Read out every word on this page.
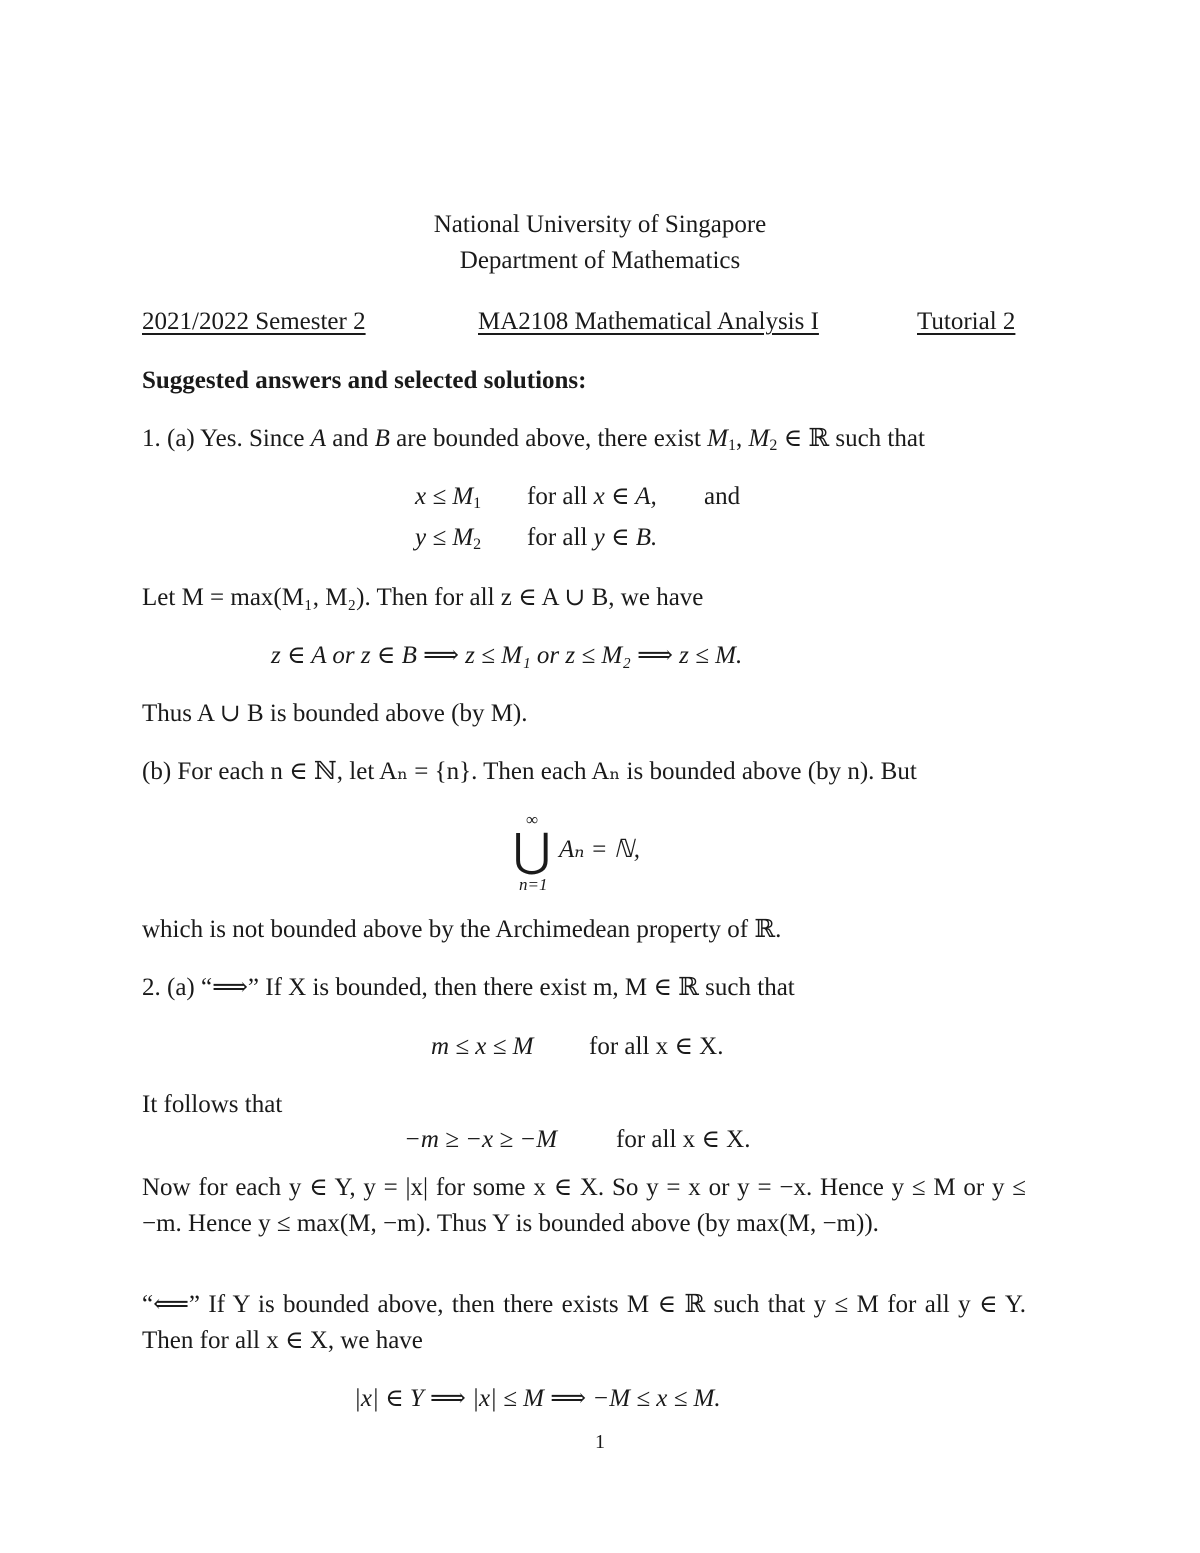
National University of Singapore
Department of Mathematics
2021/2022 Semester 2	MA2108 Mathematical Analysis I	Tutorial 2
Suggested answers and selected solutions:
1. (a) Yes. Since A and B are bounded above, there exist $M_1$, $M_2$ ∈ ℝ such that
$x \le M_1$ for all x ∈ A, and
$y \le M_2$ for all y ∈ B.
Let M = max(M₁, M₂). Then for all z ∈ A ∪ B, we have
z ∈ A or z ∈ B ⟹ z ≤ M₁ or z ≤ M₂ ⟹ z ≤ M.
Thus A ∪ B is bounded above (by M).
(b) For each n ∈ ℕ, let Aₙ = {n}. Then each Aₙ is bounded above (by n). But
∞
⋃
n=1
Aₙ = ℕ,
which is not bounded above by the Archimedean property of ℝ.
2. (a) “⟹” If X is bounded, then there exist m, M ∈ ℝ such that
m ≤ x ≤ M for all x ∈ X.
It follows that
−m ≥ −x ≥ −M for all x ∈ X.
Now for each y ∈ Y, y = |x| for some x ∈ X. So y = x or y = −x. Hence y ≤ M or y ≤ −m. Hence y ≤ max(M, −m). Thus Y is bounded above (by max(M, −m)).
“⟸” If Y is bounded above, then there exists M ∈ ℝ such that y ≤ M for all y ∈ Y. Then for all x ∈ X, we have
|x| ∈ Y ⟹ |x| ≤ M ⟹ −M ≤ x ≤ M.
1
